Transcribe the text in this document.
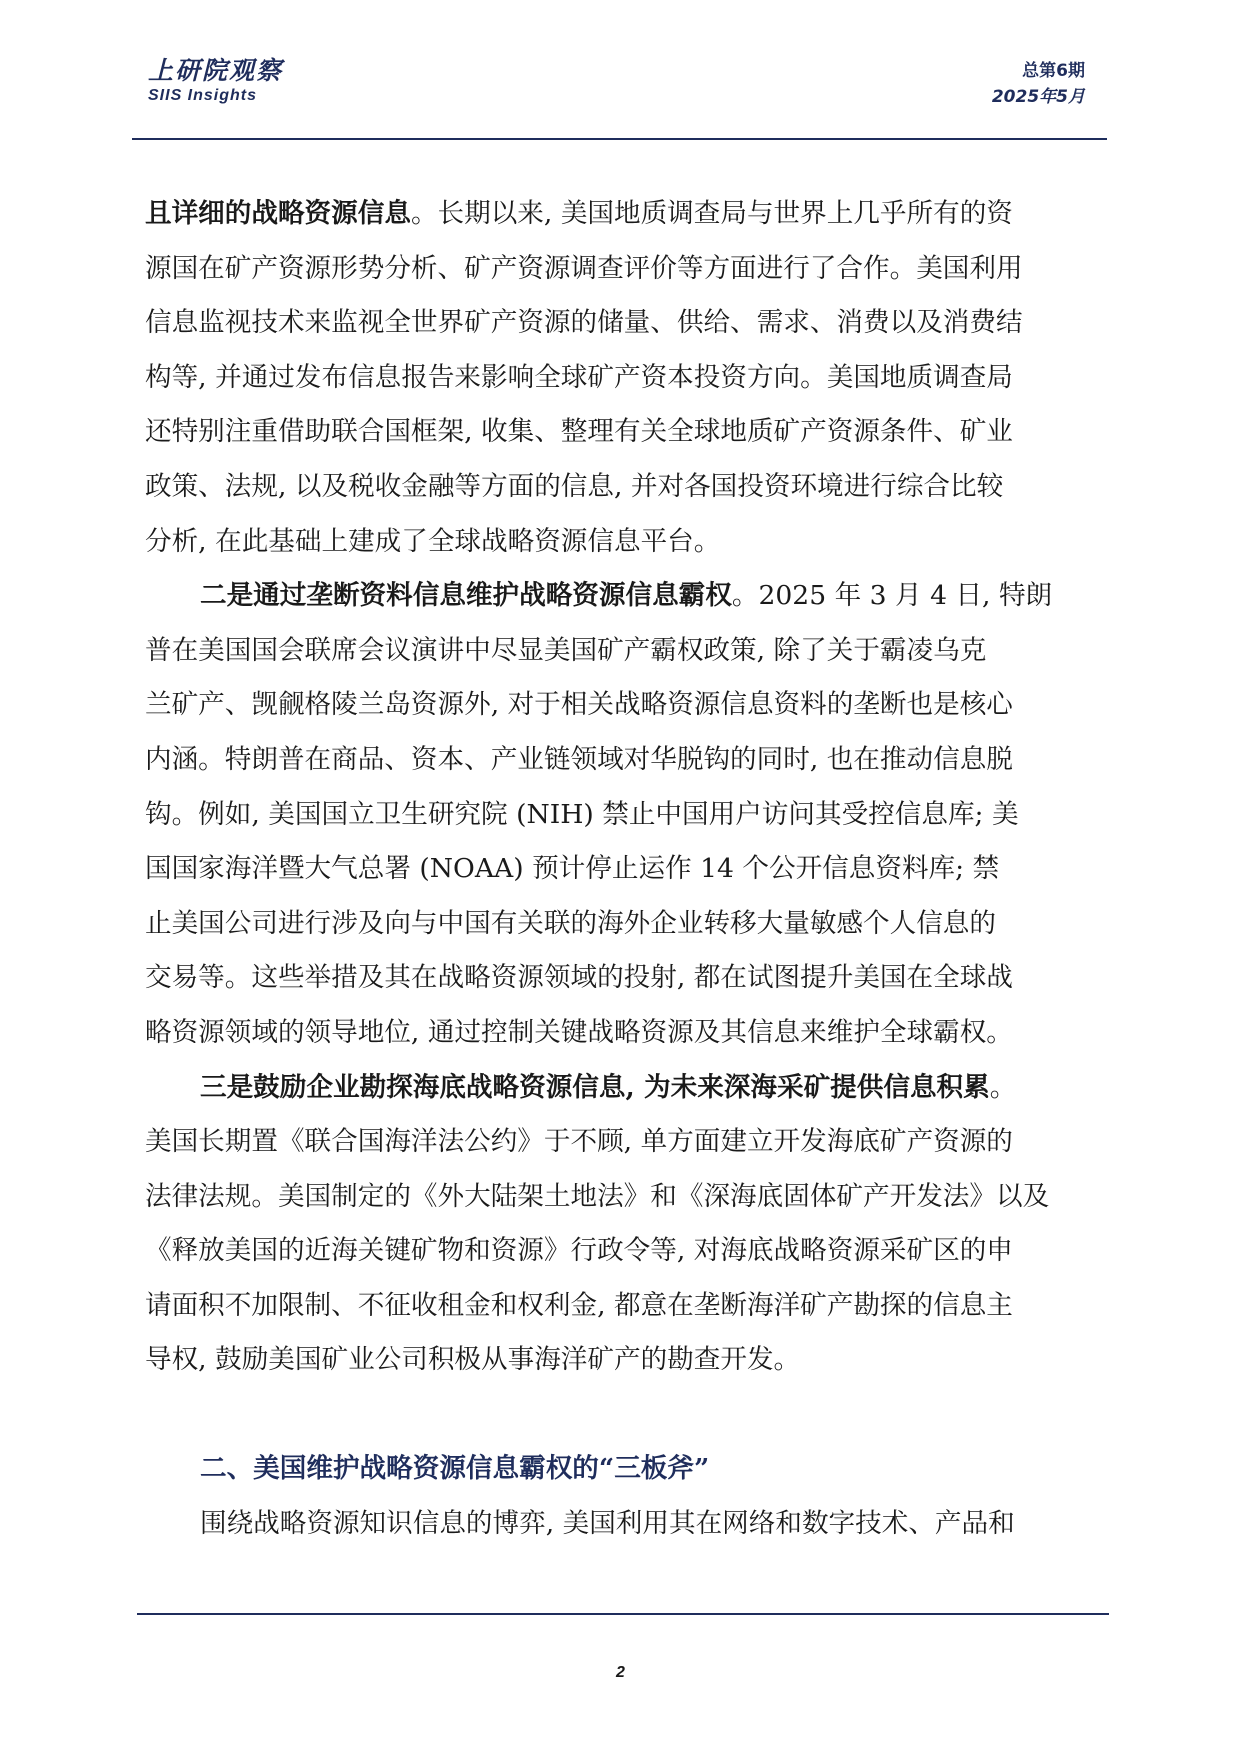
上研院观察
SIIS Insights
总第6期
2025年5月

且详细的战略资源信息。长期以来, 美国地质调查局与世界上几乎所有的资
源国在矿产资源形势分析、矿产资源调查评价等方面进行了合作。美国利用
信息监视技术来监视全世界矿产资源的储量、供给、需求、消费以及消费结
构等, 并通过发布信息报告来影响全球矿产资本投资方向。美国地质调查局
还特别注重借助联合国框架, 收集、整理有关全球地质矿产资源条件、矿业
政策、法规, 以及税收金融等方面的信息, 并对各国投资环境进行综合比较
分析, 在此基础上建成了全球战略资源信息平台。

二是通过垄断资料信息维护战略资源信息霸权。2025 年 3 月 4 日, 特朗
普在美国国会联席会议演讲中尽显美国矿产霸权政策, 除了关于霸凌乌克
兰矿产、觊觎格陵兰岛资源外, 对于相关战略资源信息资料的垄断也是核心
内涵。特朗普在商品、资本、产业链领域对华脱钩的同时, 也在推动信息脱
钩。例如, 美国国立卫生研究院 (NIH) 禁止中国用户访问其受控信息库; 美
国国家海洋暨大气总署 (NOAA) 预计停止运作 14 个公开信息资料库; 禁
止美国公司进行涉及向与中国有关联的海外企业转移大量敏感个人信息的
交易等。这些举措及其在战略资源领域的投射, 都在试图提升美国在全球战
略资源领域的领导地位, 通过控制关键战略资源及其信息来维护全球霸权。

三是鼓励企业勘探海底战略资源信息, 为未来深海采矿提供信息积累。
美国长期置《联合国海洋法公约》于不顾, 单方面建立开发海底矿产资源的
法律法规。美国制定的《外大陆架土地法》和《深海底固体矿产开发法》以及
《释放美国的近海关键矿物和资源》行政令等, 对海底战略资源采矿区的申
请面积不加限制、不征收租金和权利金, 都意在垄断海洋矿产勘探的信息主
导权, 鼓励美国矿业公司积极从事海洋矿产的勘查开发。

二、美国维护战略资源信息霸权的“三板斧”

围绕战略资源知识信息的博弈, 美国利用其在网络和数字技术、产品和

2
